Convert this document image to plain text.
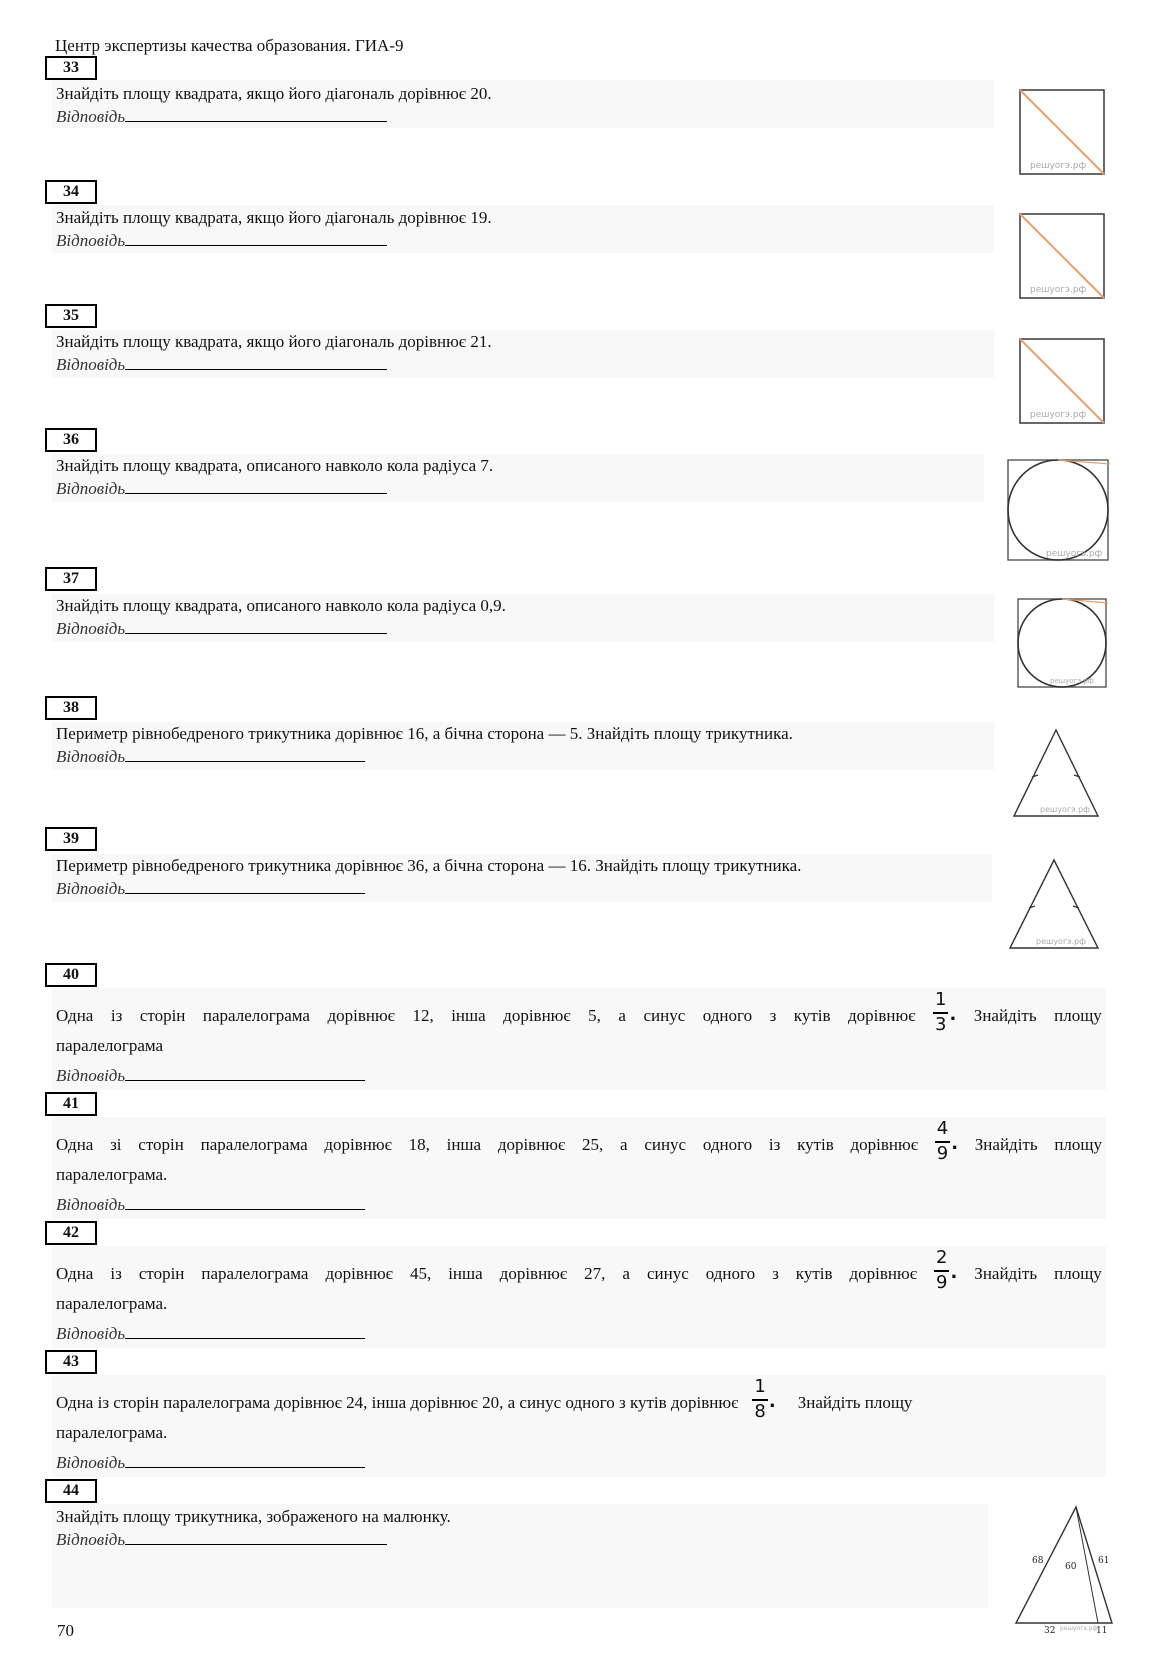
Центр экспертизы качества образования. ГИА-9
33
Знайдіть площу квадрата, якщо його діагональ дорівнює 20.
Відповідь
решуогэ.рф
34
Знайдіть площу квадрата, якщо його діагональ дорівнює 19.
Відповідь
решуогэ.рф
35
Знайдіть площу квадрата, якщо його діагональ дорівнює 21.
Відповідь
решуогэ.рф
36
Знайдіть площу квадрата, описаного навколо кола радіуса 7.
Відповідь
решуогэ.рф
37
Знайдіть площу квадрата, описаного навколо кола радіуса 0,9.
Відповідь
решуогэ.рф
38
Периметр рівнобедреного трикутника дорівнює 16, а бічна сторона — 5. Знайдіть площу трикутника.
Відповідь
решуогэ.рф
39
Периметр рівнобедреного трикутника дорівнює 36, а бічна сторона — 16. Знайдіть площу трикутника.
Відповідь
решуогэ.рф
40
Одна із сторін паралелограма дорівнює 12, інша дорівнює 5, а синус одного з кутів дорівнює $\frac{1}{3}$ . Знайдіть площу
паралелограма
Відповідь
41
Одна зі сторін паралелограма дорівнює 18, інша дорівнює 25, а синус одного із кутів дорівнює $\frac{4}{9}$ . Знайдіть площу
паралелограма.
Відповідь
42
Одна із сторін паралелограма дорівнює 45, інша дорівнює 27, а синус одного з кутів дорівнює $\frac{2}{9}$ . Знайдіть площу
паралелограма.
Відповідь
43
Одна із сторін паралелограма дорівнює 24, інша дорівнює 20, а синус одного з кутів дорівнює $\frac{1}{8}$ . Знайдіть площу
паралелограма.
Відповідь
44
Знайдіть площу трикутника, зображеного на малюнку.
Відповідь
68
60
61
32	11
решуогэ.рф
70
